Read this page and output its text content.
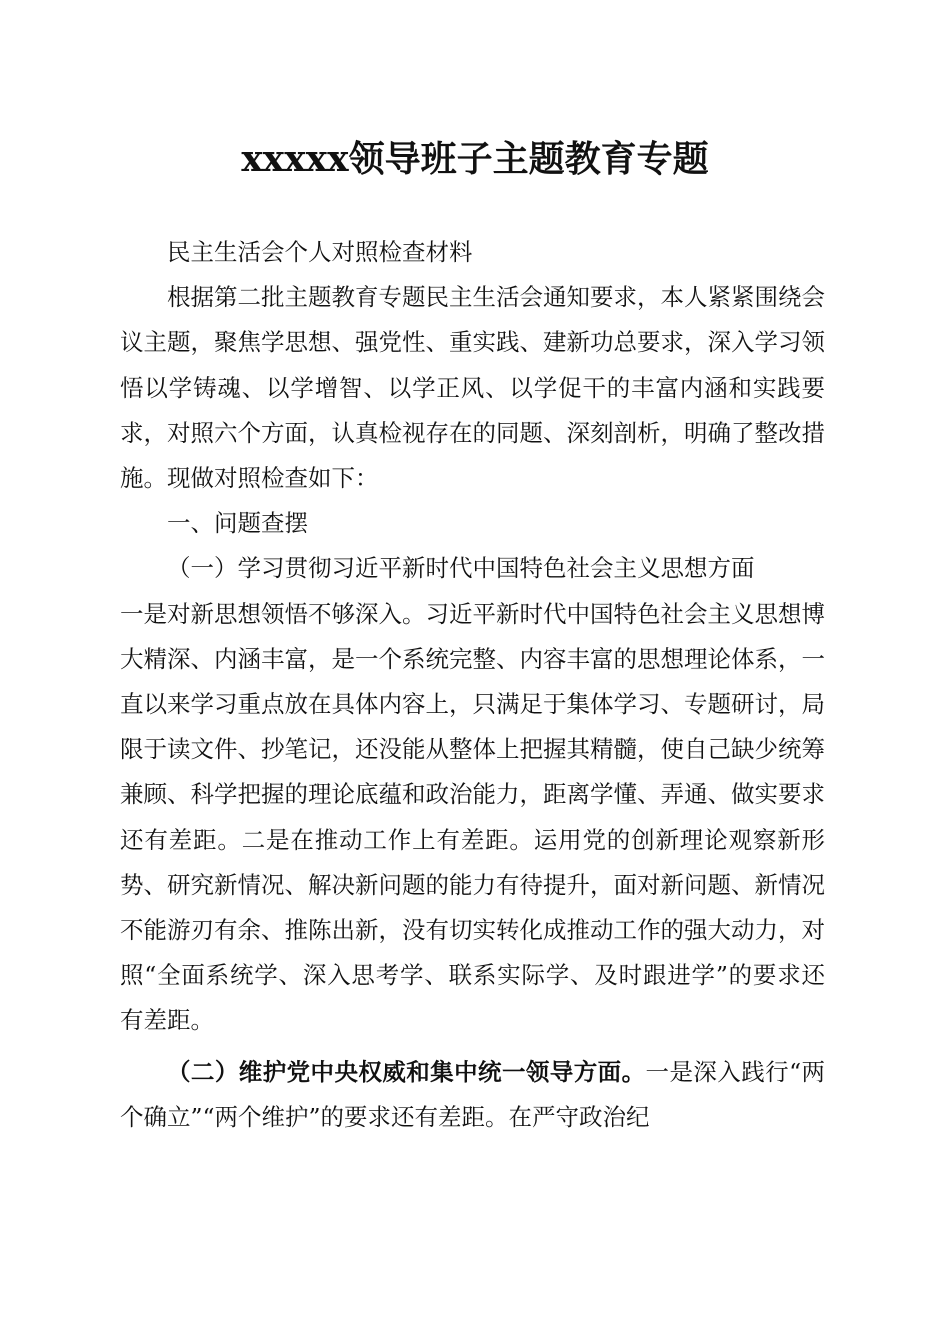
xxxxx领导班子主题教育专题

民主生活会个人对照检查材料

根据第二批主题教育专题民主生活会通知要求，本人紧紧围绕会议主题，聚焦学思想、强党性、重实践、建新功总要求，深入学习领悟以学铸魂、以学增智、以学正风、以学促干的丰富内涵和实践要求，对照六个方面，认真检视存在的同题、深刻剖析，明确了整改措施。现做对照检查如下：

一、问题查摆

（一）学习贯彻习近平新时代中国特色社会主义思想方面

一是对新思想领悟不够深入。习近平新时代中国特色社会主义思想博大精深、内涵丰富，是一个系统完整、内容丰富的思想理论体系，一直以来学习重点放在具体内容上，只满足于集体学习、专题研讨，局限于读文件、抄笔记，还没能从整体上把握其精髓，使自己缺少统筹兼顾、科学把握的理论底蕴和政治能力，距离学懂、弄通、做实要求还有差距。二是在推动工作上有差距。运用党的创新理论观察新形势、研究新情况、解决新问题的能力有待提升，面对新问题、新情况不能游刃有余、推陈出新，没有切实转化成推动工作的强大动力，对照“全面系统学、深入思考学、联系实际学、及时跟进学”的要求还有差距。

（二）维护党中央权威和集中统一领导方面。一是深入践行“两个确立”“两个维护”的要求还有差距。在严守政治纪
